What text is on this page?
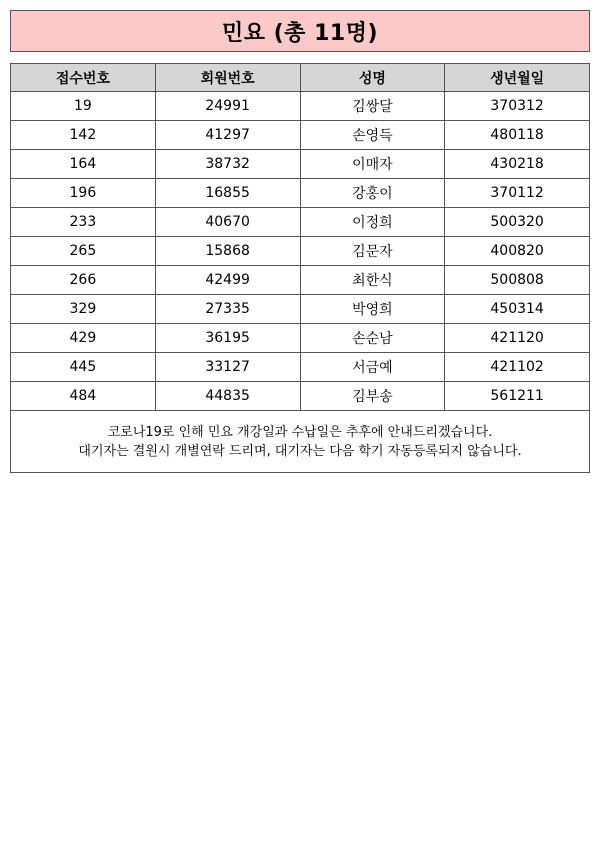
민요 (총 11명)
접수번호	회원번호	성명	생년월일
19	24991	김쌍달	370312
142	41297	손영득	480118
164	38732	이매자	430218
196	16855	강홍이	370112
233	40670	이정희	500320
265	15868	김문자	400820
266	42499	최한식	500808
329	27335	박영희	450314
429	36195	손순남	421120
445	33127	서금예	421102
484	44835	김부송	561211
코로나19로 인해 민요 개강일과 수납일은 추후에 안내드리겠습니다.
대기자는 결원시 개별연락 드리며, 대기자는 다음 학기 자동등록되지 않습니다.
